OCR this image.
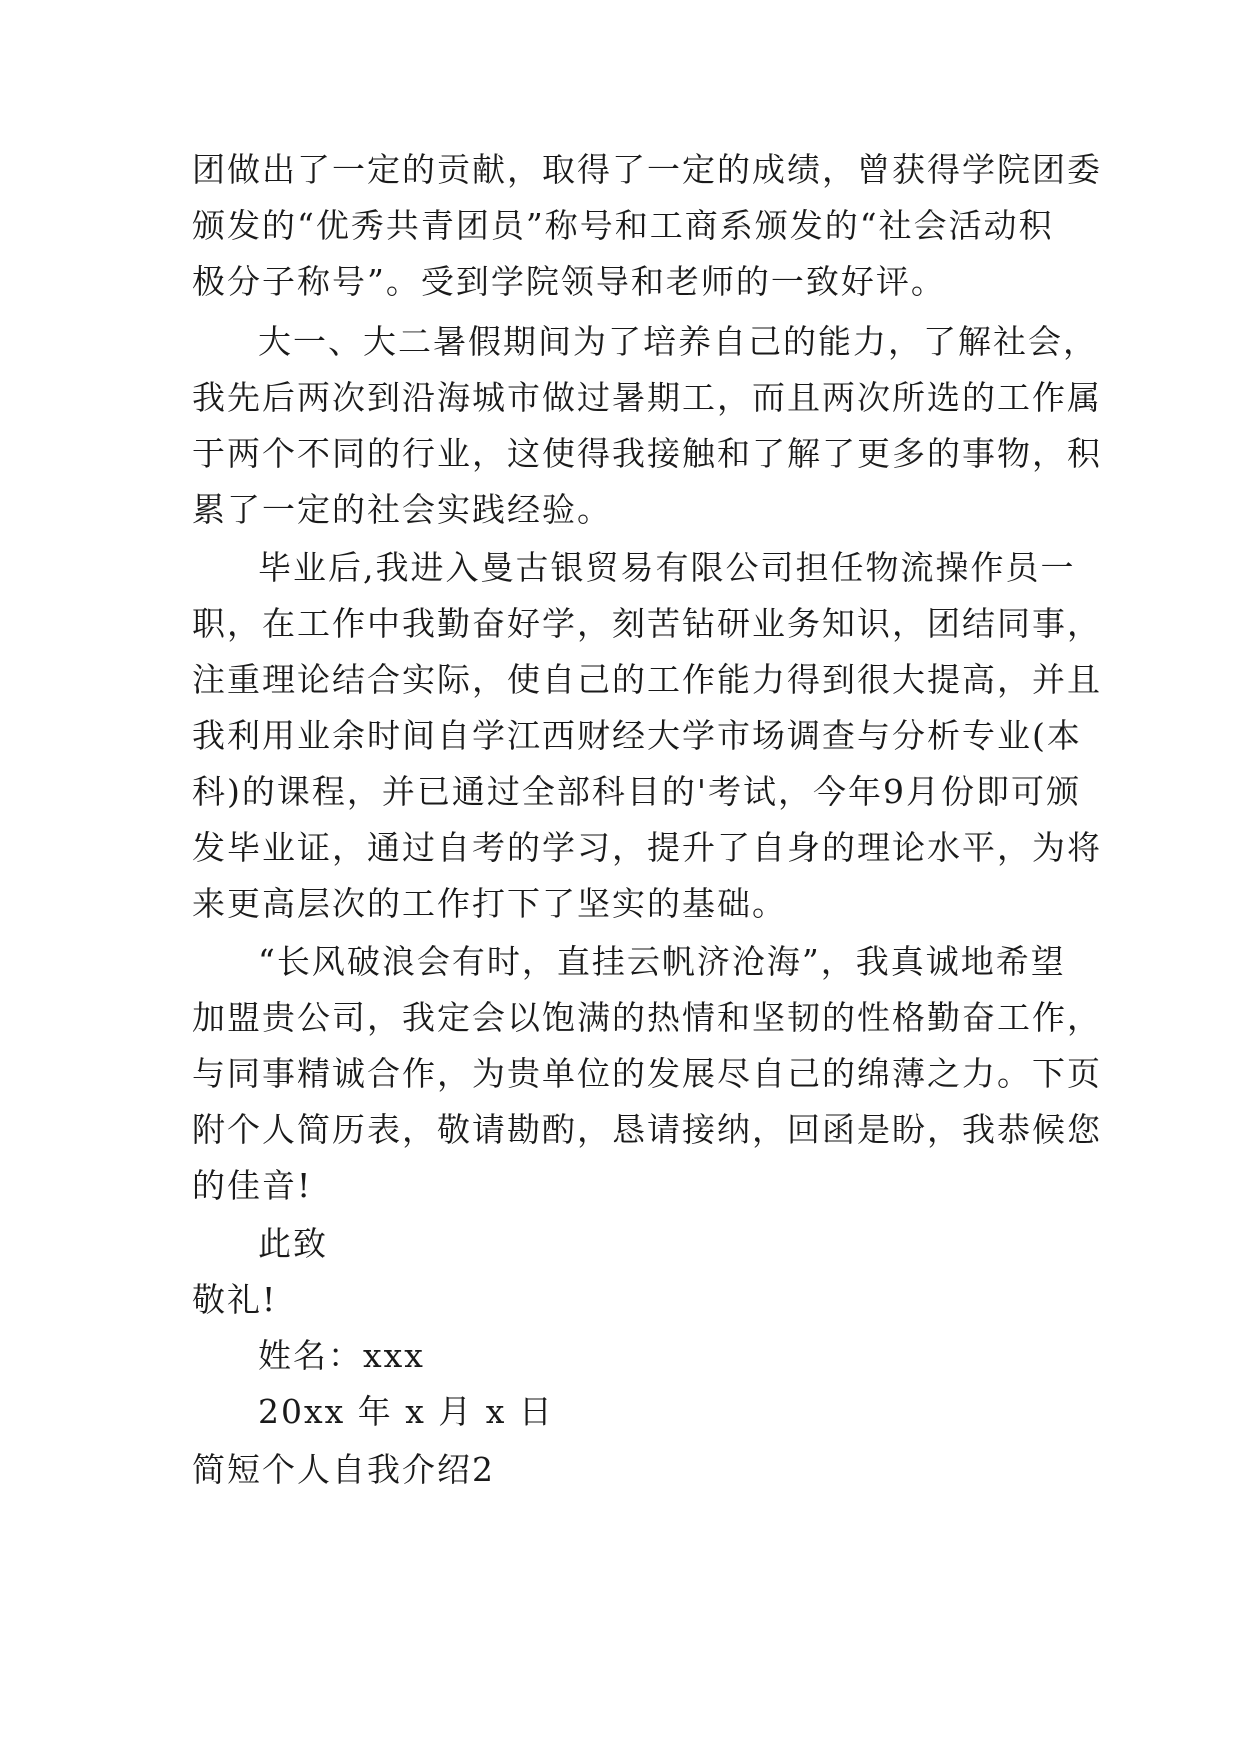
团做出了一定的贡献，取得了一定的成绩，曾获得学院团委
颁发的“优秀共青团员”称号和工商系颁发的“社会活动积
极分子称号”。受到学院领导和老师的一致好评。
大一、大二暑假期间为了培养自己的能力，了解社会，
我先后两次到沿海城市做过暑期工，而且两次所选的工作属
于两个不同的行业，这使得我接触和了解了更多的事物，积
累了一定的社会实践经验。
毕业后,我进入曼古银贸易有限公司担任物流操作员一
职，在工作中我勤奋好学，刻苦钻研业务知识，团结同事，
注重理论结合实际，使自己的工作能力得到很大提高，并且
我利用业余时间自学江西财经大学市场调查与分析专业(本
科)的课程，并已通过全部科目的'考试，今年9月份即可颁
发毕业证，通过自考的学习，提升了自身的理论水平，为将
来更高层次的工作打下了坚实的基础。
“长风破浪会有时，直挂云帆济沧海”，我真诚地希望
加盟贵公司，我定会以饱满的热情和坚韧的性格勤奋工作，
与同事精诚合作，为贵单位的发展尽自己的绵薄之力。下页
附个人简历表，敬请勘酌，恳请接纳，回函是盼，我恭候您
的佳音!
此致
敬礼!
姓名：xxx
20xx 年 x 月 x 日
简短个人自我介绍2
